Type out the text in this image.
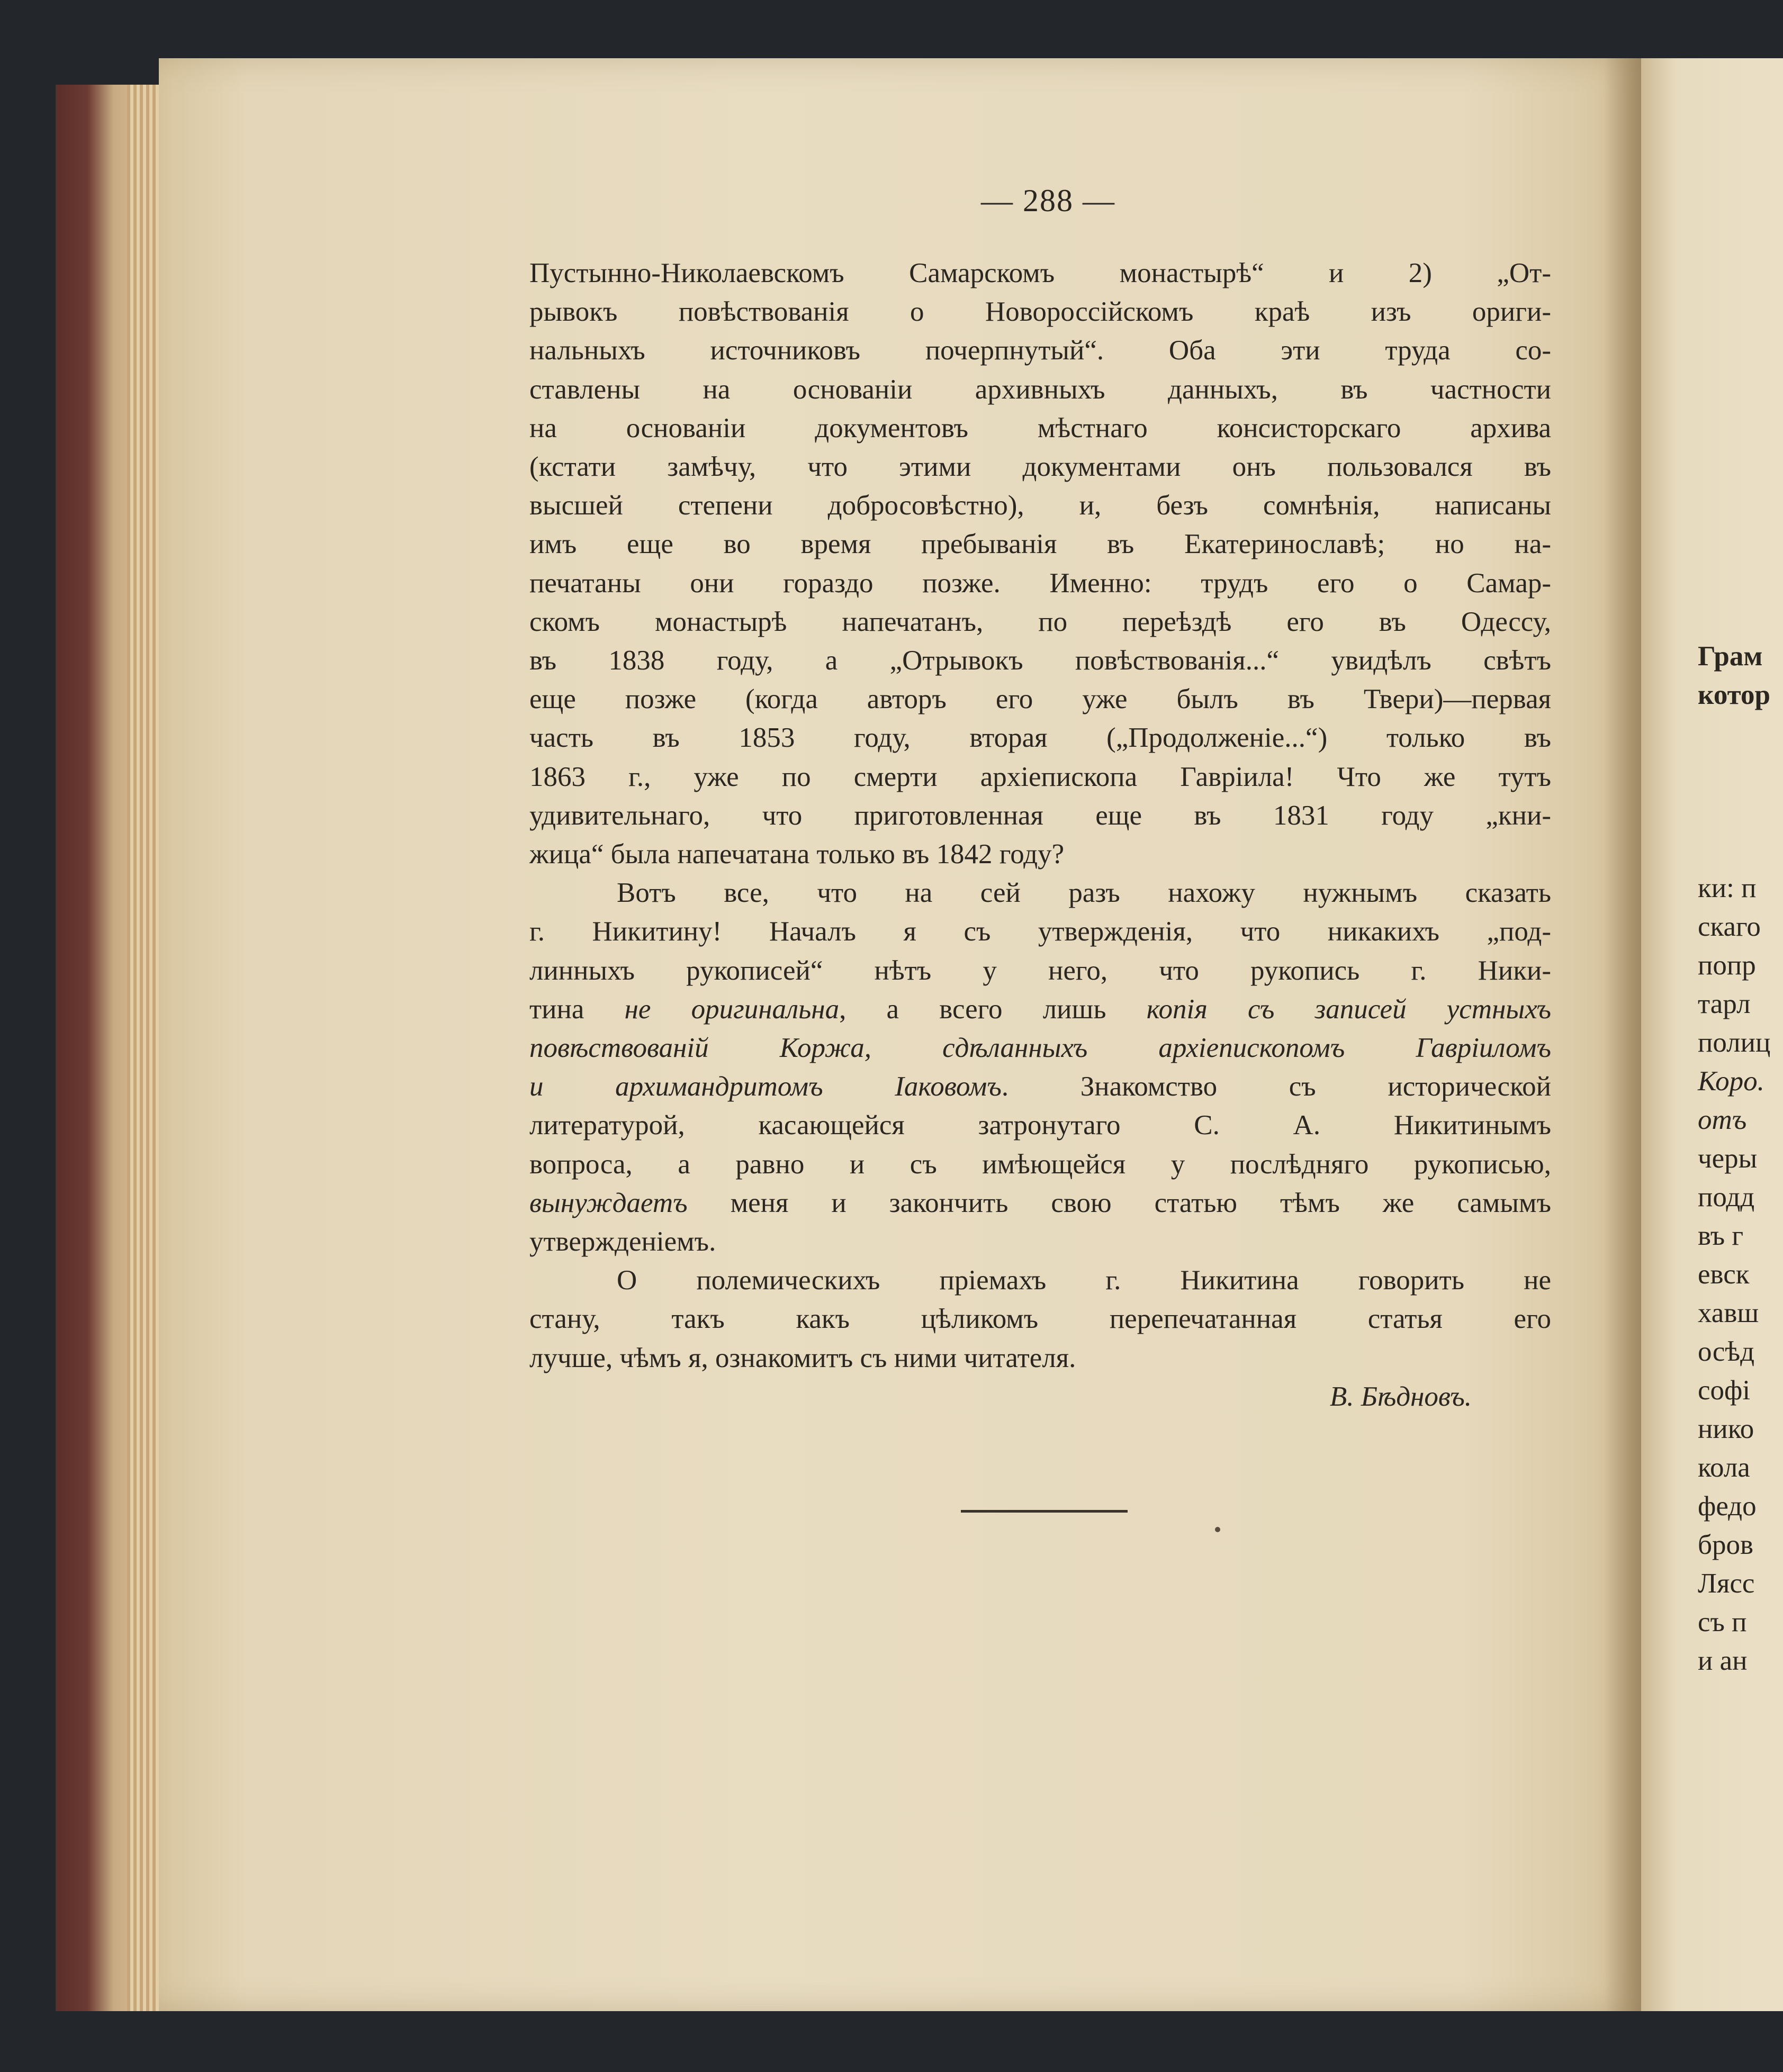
— 288 —

Пустынно-Николаевскомъ Самарскомъ монастырѣ“ и 2) „От-
рывокъ повѣствованія о Новороссійскомъ краѣ изъ ориги-
нальныхъ источниковъ почерпнутый“. Оба эти труда со-
ставлены на основаніи архивныхъ данныхъ, въ частности
на основаніи документовъ мѣстнаго консисторскаго архива
(кстати замѣчу, что этими документами онъ пользовался въ
высшей степени добросовѣстно), и, безъ сомнѣнія, написаны
имъ еще во время пребыванія въ Екатеринославѣ; но на-
печатаны они гораздо позже. Именно: трудъ его о Самар-
скомъ монастырѣ напечатанъ, по переѣздѣ его въ Одессу,
въ 1838 году, а „Отрывокъ повѣствованія...“ увидѣлъ свѣтъ
еще позже (когда авторъ его уже былъ въ Твери)—первая
часть въ 1853 году, вторая („Продолженіе...“) только въ
1863 г., уже по смерти архіепископа Гавріила! Что же тутъ
удивительнаго, что приготовленная еще въ 1831 году „кни-
жица“ была напечатана только въ 1842 году?

Вотъ все, что на сей разъ нахожу нужнымъ сказать
г. Никитину! Началъ я съ утвержденія, что никакихъ „под-
линныхъ рукописей“ нѣтъ у него, что рукопись г. Ники-
тина не оригинальна, а всего лишь копія съ записей устныхъ
повѣствованій Коржа, сдѣланныхъ архіепископомъ Гавріиломъ
и архимандритомъ Іаковомъ. Знакомство съ исторической
литературой, касающейся затронутаго С. А. Никитинымъ
вопроса, а равно и съ имѣющейся у послѣдняго рукописью,
вынуждаетъ меня и закончить свою статью тѣмъ же самымъ
утвержденіемъ.

О полемическихъ пріемахъ г. Никитина говорить не
стану, такъ какъ цѣликомъ перепечатанная статья его
лучше, чѣмъ я, ознакомитъ съ ними читателя.

В. Бѣдновъ.
Грам
котор
ки: п
скаго
попр
тарл
полиц
Коро.
отъ
черы
подд
въ г
евск
хавш
осѣд
софі
нико
кола
федо
бров
Лясс
съ п
и ан
